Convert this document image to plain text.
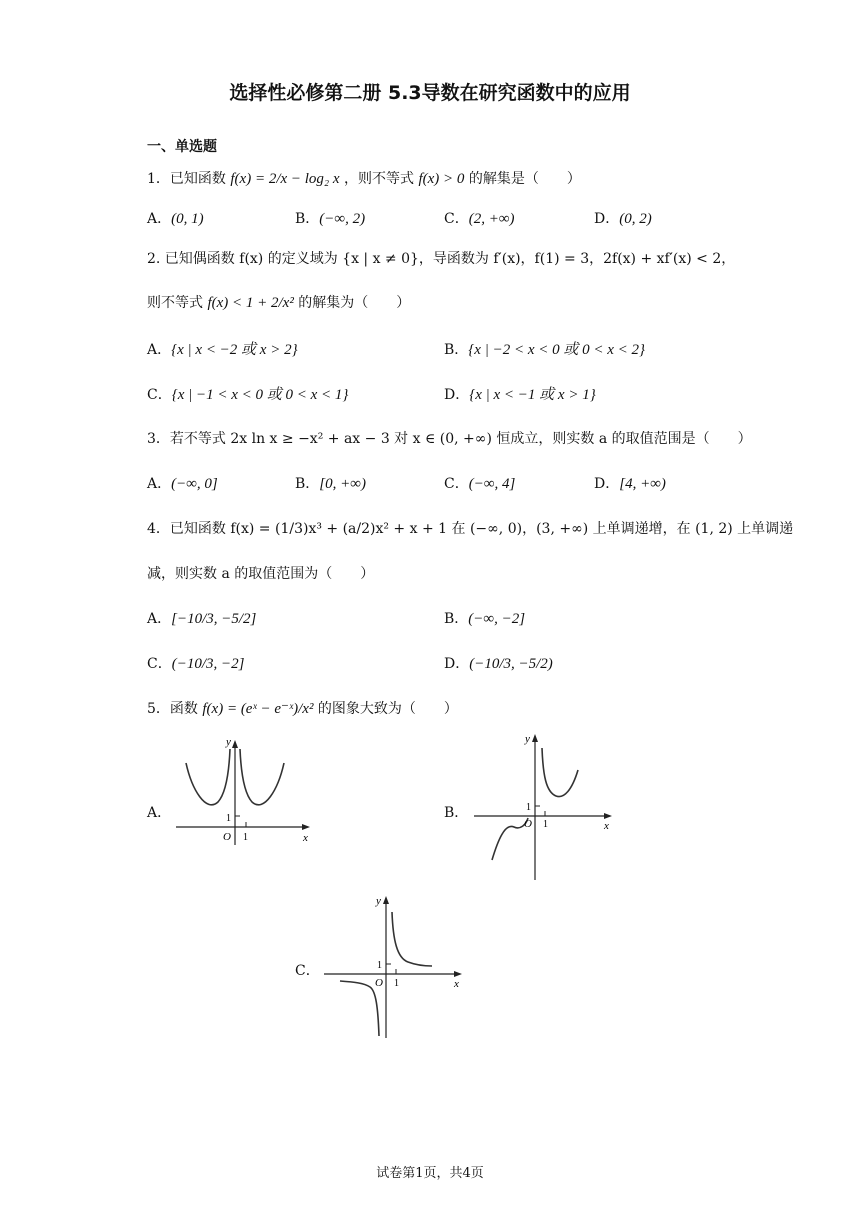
选择性必修第二册 5.3导数在研究函数中的应用
一、单选题
1．已知函数 f(x) = 2/x − log₂ x ，则不等式 f(x) > 0 的解集是（　　）
A．(0, 1)	B．(−∞, 2)	C．(2, +∞)	D．(0, 2)
2. 已知偶函数 f(x) 的定义域为 {x | x ≠ 0}，导函数为 f′(x)，f(1) = 3，2f(x) + xf′(x) < 2，
则不等式 f(x) < 1 + 2/x² 的解集为（　　）
A．{x | x < −2 或 x > 2}	B．{x | −2 < x < 0 或 0 < x < 2}
C．{x | −1 < x < 0 或 0 < x < 1}	D．{x | x < −1 或 x > 1}
3．若不等式 2x ln x ≥ −x² + ax − 3 对 x ∈ (0, +∞) 恒成立，则实数 a 的取值范围是（　　）
A．(−∞, 0]	B．[0, +∞)	C．(−∞, 4]	D．[4, +∞)
4．已知函数 f(x) = (1/3)x³ + (a/2)x² + x + 1 在 (−∞, 0)，(3, +∞) 上单调递增，在 (1, 2) 上单调递
减，则实数 a 的取值范围为（　　）
A．[−10/3, −5/2]	B．(−∞, −2]
C．(−10/3, −2]	D．(−10/3, −5/2)
5．函数 f(x) = (eˣ − e⁻ˣ)/x² 的图象大致为（　　）
A．
y
x
O
1
1
B．
y
x
O
1
1
C．
y
x
O
1
1
试卷第1页，共4页
